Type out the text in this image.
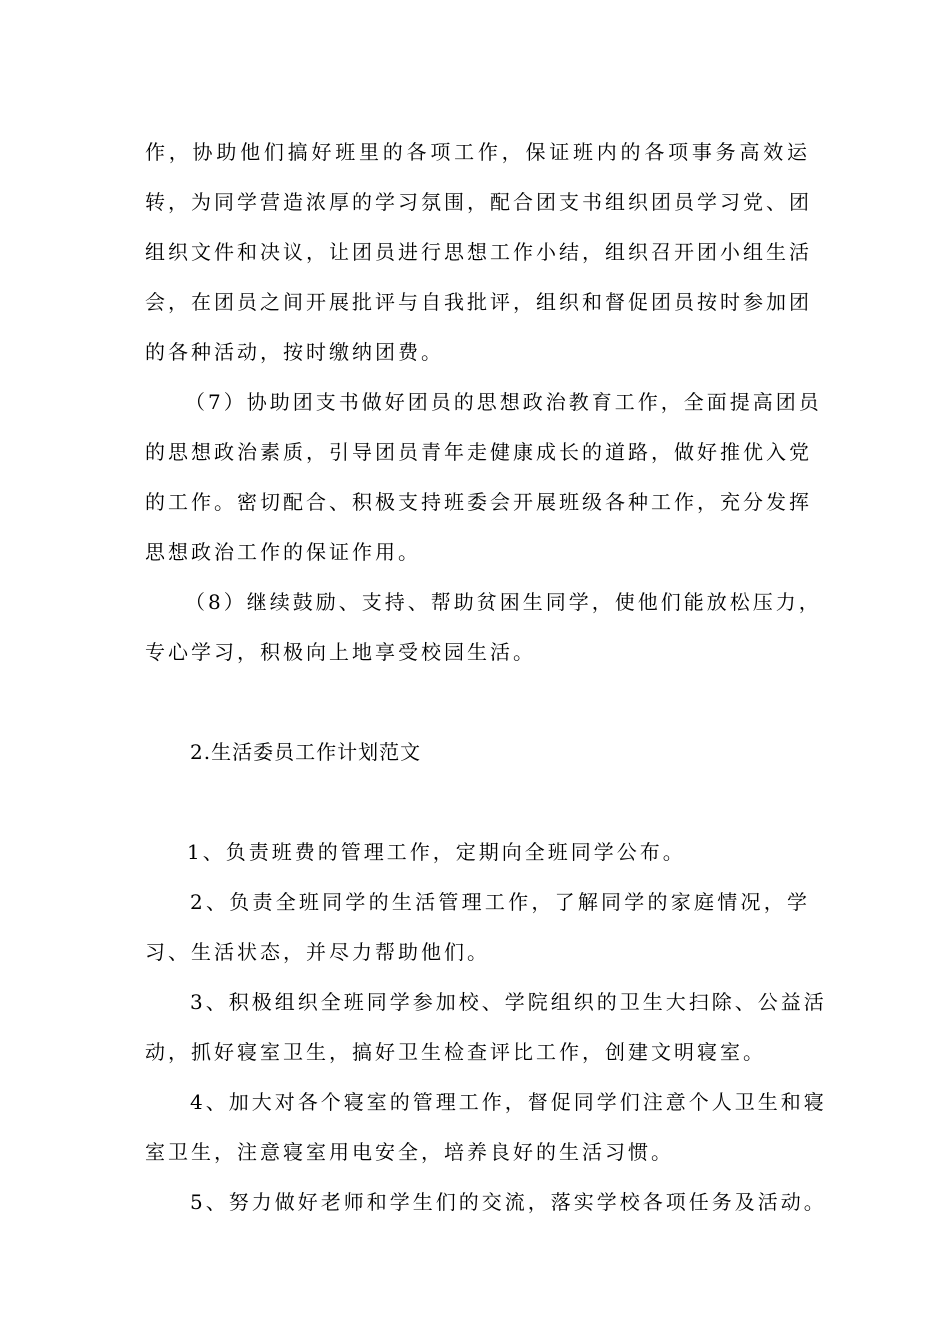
作，协助他们搞好班里的各项工作，保证班内的各项事务高效运
转，为同学营造浓厚的学习氛围，配合团支书组织团员学习党、团
组织文件和决议，让团员进行思想工作小结，组织召开团小组生活
会，在团员之间开展批评与自我批评，组织和督促团员按时参加团
的各种活动，按时缴纳团费。
（7）协助团支书做好团员的思想政治教育工作，全面提高团员
的思想政治素质，引导团员青年走健康成长的道路，做好推优入党
的工作。密切配合、积极支持班委会开展班级各种工作，充分发挥
思想政治工作的保证作用。
（8）继续鼓励、支持、帮助贫困生同学，使他们能放松压力，
专心学习，积极向上地享受校园生活。
2.生活委员工作计划范文
1、负责班费的管理工作，定期向全班同学公布。
2、负责全班同学的生活管理工作，了解同学的家庭情况，学
习、生活状态，并尽力帮助他们。
3、积极组织全班同学参加校、学院组织的卫生大扫除、公益活
动，抓好寝室卫生，搞好卫生检查评比工作，创建文明寝室。
4、加大对各个寝室的管理工作，督促同学们注意个人卫生和寝
室卫生，注意寝室用电安全，培养良好的生活习惯。
5、努力做好老师和学生们的交流，落实学校各项任务及活动。
